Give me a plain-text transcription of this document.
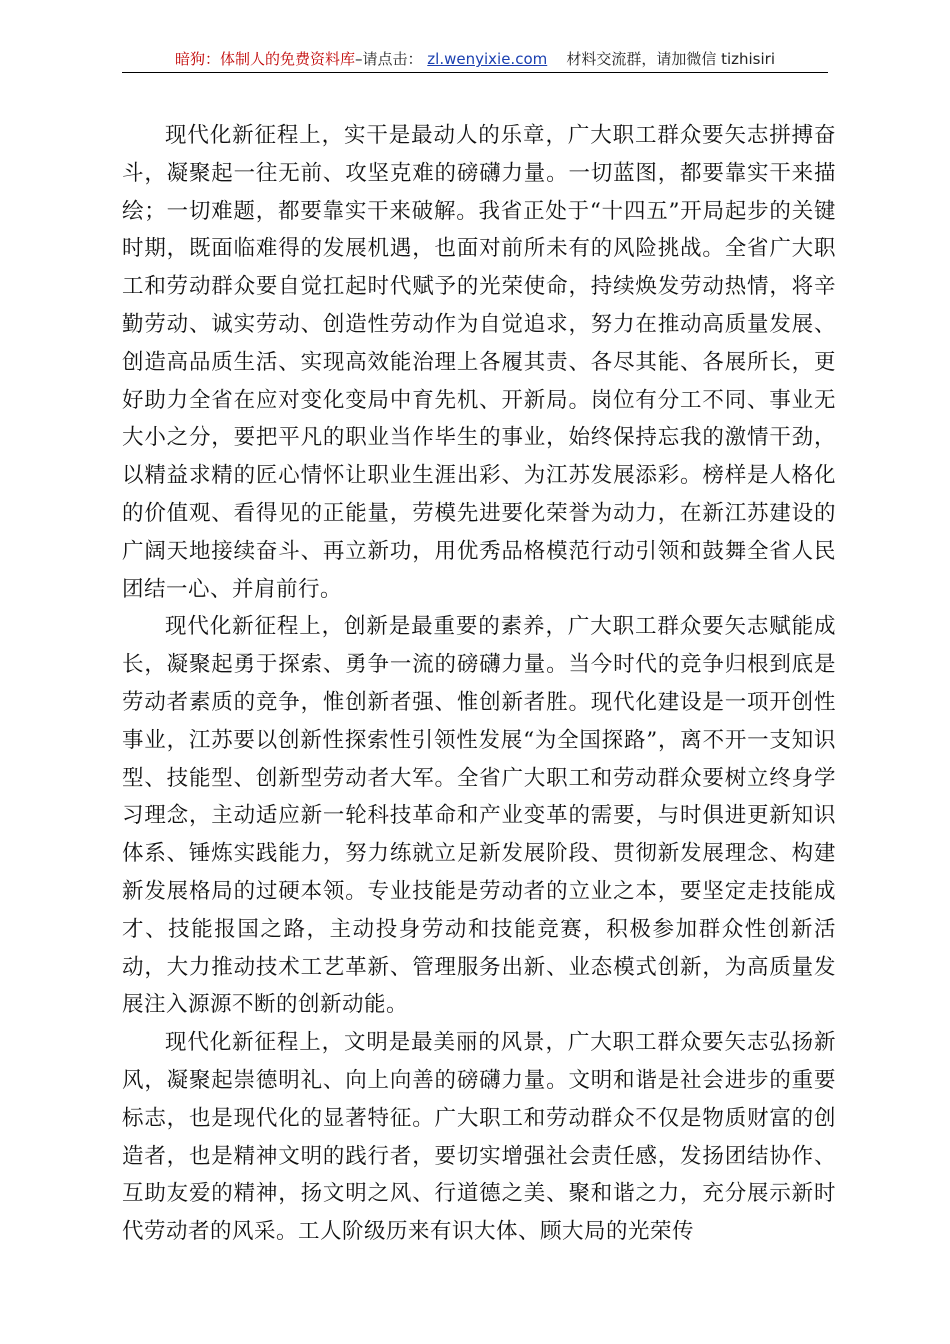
暗狗：体制人的免费资料库–请点击： zl.wenyixie.com 材料交流群，请加微信 tizhisiri

现代化新征程上，实干是最动人的乐章，广大职工群众要矢志拼搏奋斗，凝聚起一往无前、攻坚克难的磅礴力量。一切蓝图，都要靠实干来描绘；一切难题，都要靠实干来破解。我省正处于“十四五”开局起步的关键时期，既面临难得的发展机遇，也面对前所未有的风险挑战。全省广大职工和劳动群众要自觉扛起时代赋予的光荣使命，持续焕发劳动热情，将辛勤劳动、诚实劳动、创造性劳动作为自觉追求，努力在推动高质量发展、创造高品质生活、实现高效能治理上各履其责、各尽其能、各展所长，更好助力全省在应对变化变局中育先机、开新局。岗位有分工不同、事业无大小之分，要把平凡的职业当作毕生的事业，始终保持忘我的激情干劲，以精益求精的匠心情怀让职业生涯出彩、为江苏发展添彩。榜样是人格化的价值观、看得见的正能量，劳模先进要化荣誉为动力，在新江苏建设的广阔天地接续奋斗、再立新功，用优秀品格模范行动引领和鼓舞全省人民团结一心、并肩前行。

现代化新征程上，创新是最重要的素养，广大职工群众要矢志赋能成长，凝聚起勇于探索、勇争一流的磅礴力量。当今时代的竞争归根到底是劳动者素质的竞争，惟创新者强、惟创新者胜。现代化建设是一项开创性事业，江苏要以创新性探索性引领性发展“为全国探路”，离不开一支知识型、技能型、创新型劳动者大军。全省广大职工和劳动群众要树立终身学习理念，主动适应新一轮科技革命和产业变革的需要，与时俱进更新知识体系、锤炼实践能力，努力练就立足新发展阶段、贯彻新发展理念、构建新发展格局的过硬本领。专业技能是劳动者的立业之本，要坚定走技能成才、技能报国之路，主动投身劳动和技能竞赛，积极参加群众性创新活动，大力推动技术工艺革新、管理服务出新、业态模式创新，为高质量发展注入源源不断的创新动能。

现代化新征程上，文明是最美丽的风景，广大职工群众要矢志弘扬新风，凝聚起崇德明礼、向上向善的磅礴力量。文明和谐是社会进步的重要标志，也是现代化的显著特征。广大职工和劳动群众不仅是物质财富的创造者，也是精神文明的践行者，要切实增强社会责任感，发扬团结协作、互助友爱的精神，扬文明之风、行道德之美、聚和谐之力，充分展示新时代劳动者的风采。工人阶级历来有识大体、顾大局的光荣传
